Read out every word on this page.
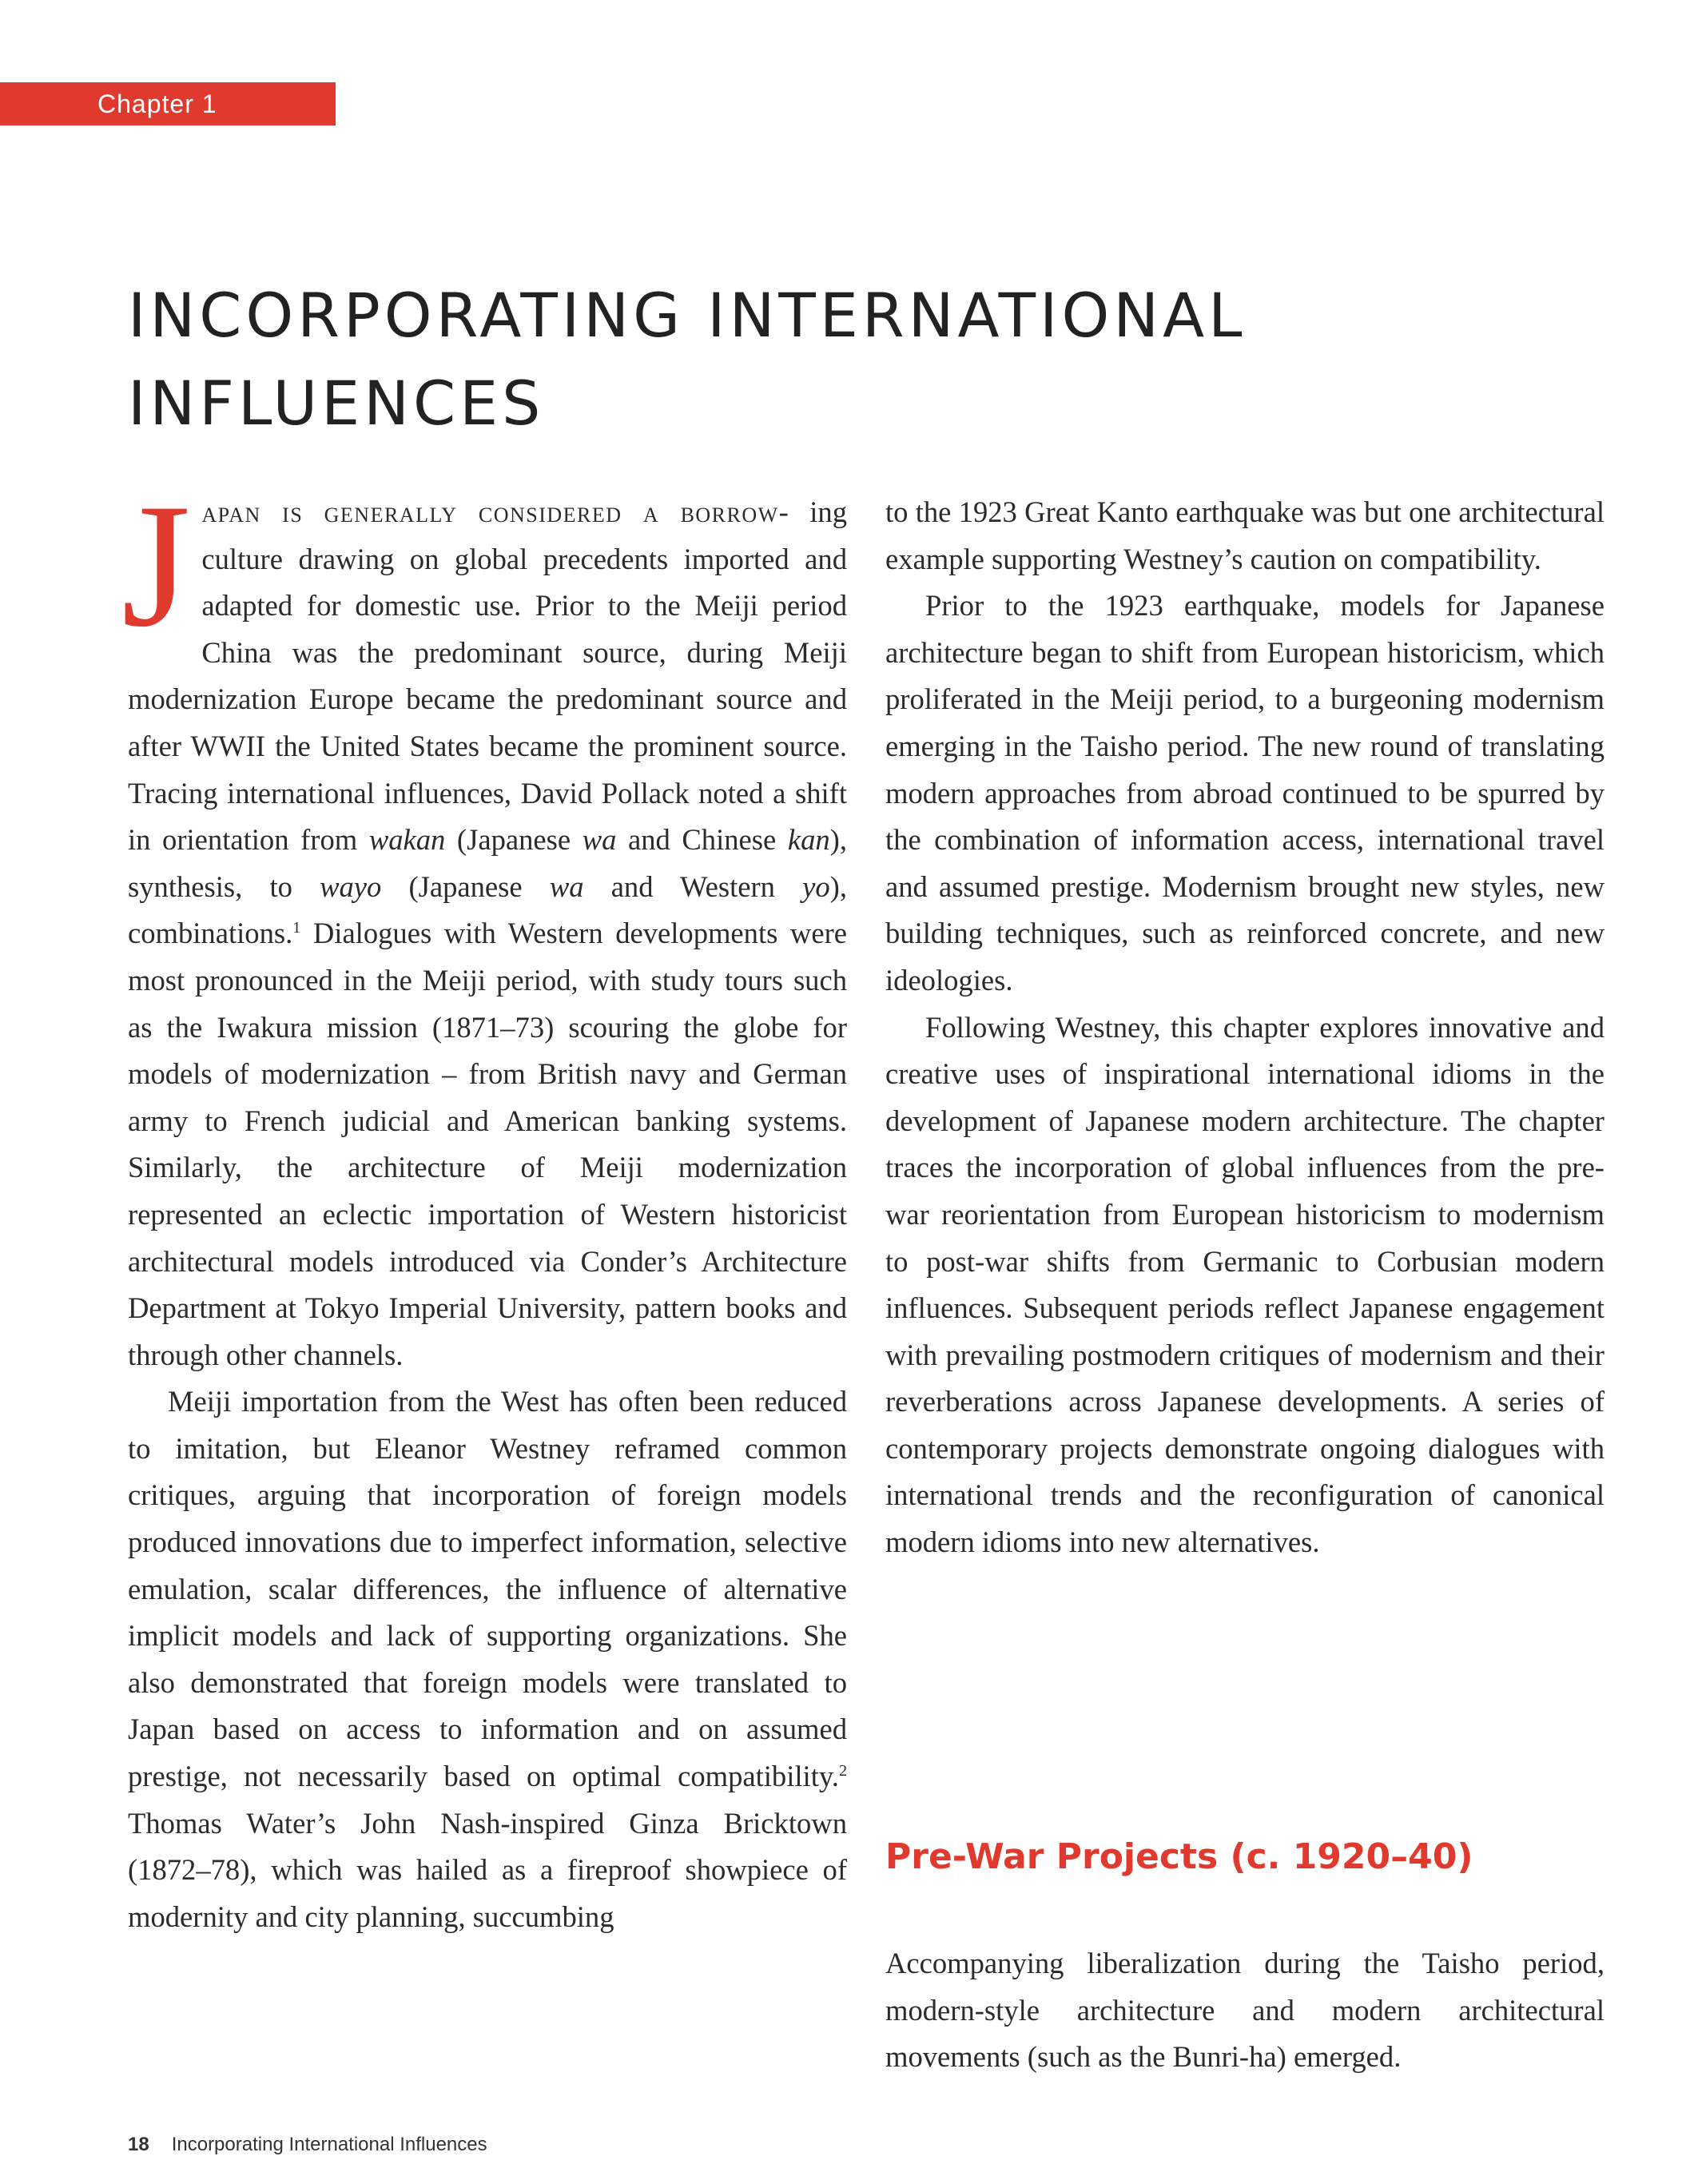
Chapter 1
INCORPORATING INTERNATIONAL
INFLUENCES

Japan is generally considered a borrow- ing culture drawing on global precedents imported and adapted for domestic use. Prior to the Meiji period China was the predominant source, during Meiji modernization Europe became the predominant source and after WWII the United States became the prominent source. Tracing international influences, David Pollack noted a shift in orientation from wakan (Japanese wa and Chinese kan), synthesis, to wayo (Japanese wa and Western yo), combinations.$^1$ Dialogues with Western developments were most pronounced in the Meiji period, with study tours such as the Iwakura mission (1871–73) scouring the globe for models of modernization – from British navy and German army to French judicial and American banking systems. Similarly, the architecture of Meiji modernization represented an eclectic importation of Western historicist architectural models introduced via Conder’s Architecture Department at Tokyo Imperial University, pattern books and through other channels.

Meiji importation from the West has often been reduced to imitation, but Eleanor Westney reframed common critiques, arguing that incorporation of foreign models produced innovations due to imperfect information, selective emulation, scalar differences, the influence of alternative implicit models and lack of supporting organizations. She also demonstrated that foreign models were translated to Japan based on access to information and on assumed prestige, not necessarily based on optimal compatibility.$^2$ Thomas Water’s John Nash-inspired Ginza Bricktown (1872–78), which was hailed as a fireproof showpiece of modernity and city planning, succumbing

to the 1923 Great Kanto earthquake was but one architectural example supporting Westney’s caution on compatibility.

Prior to the 1923 earthquake, models for Japanese architecture began to shift from European historicism, which proliferated in the Meiji period, to a burgeoning modernism emerging in the Taisho period. The new round of translating modern approaches from abroad continued to be spurred by the combination of information access, international travel and assumed prestige. Modernism brought new styles, new building techniques, such as reinforced concrete, and new ideologies.

Following Westney, this chapter explores innovative and creative uses of inspirational international idioms in the development of Japanese modern architecture. The chapter traces the incorporation of global influences from the pre-war reorientation from European historicism to modernism to post-war shifts from Germanic to Corbusian modern influences. Subsequent periods reflect Japanese engagement with prevailing postmodern critiques of modernism and their reverberations across Japanese developments. A series of contemporary projects demonstrate ongoing dialogues with international trends and the reconfiguration of canonical modern idioms into new alternatives.

Pre-War Projects (c. 1920–40)

Accompanying liberalization during the Taisho period, modern-style architecture and modern architectural movements (such as the Bunri-ha) emerged.

18 Incorporating International Influences
